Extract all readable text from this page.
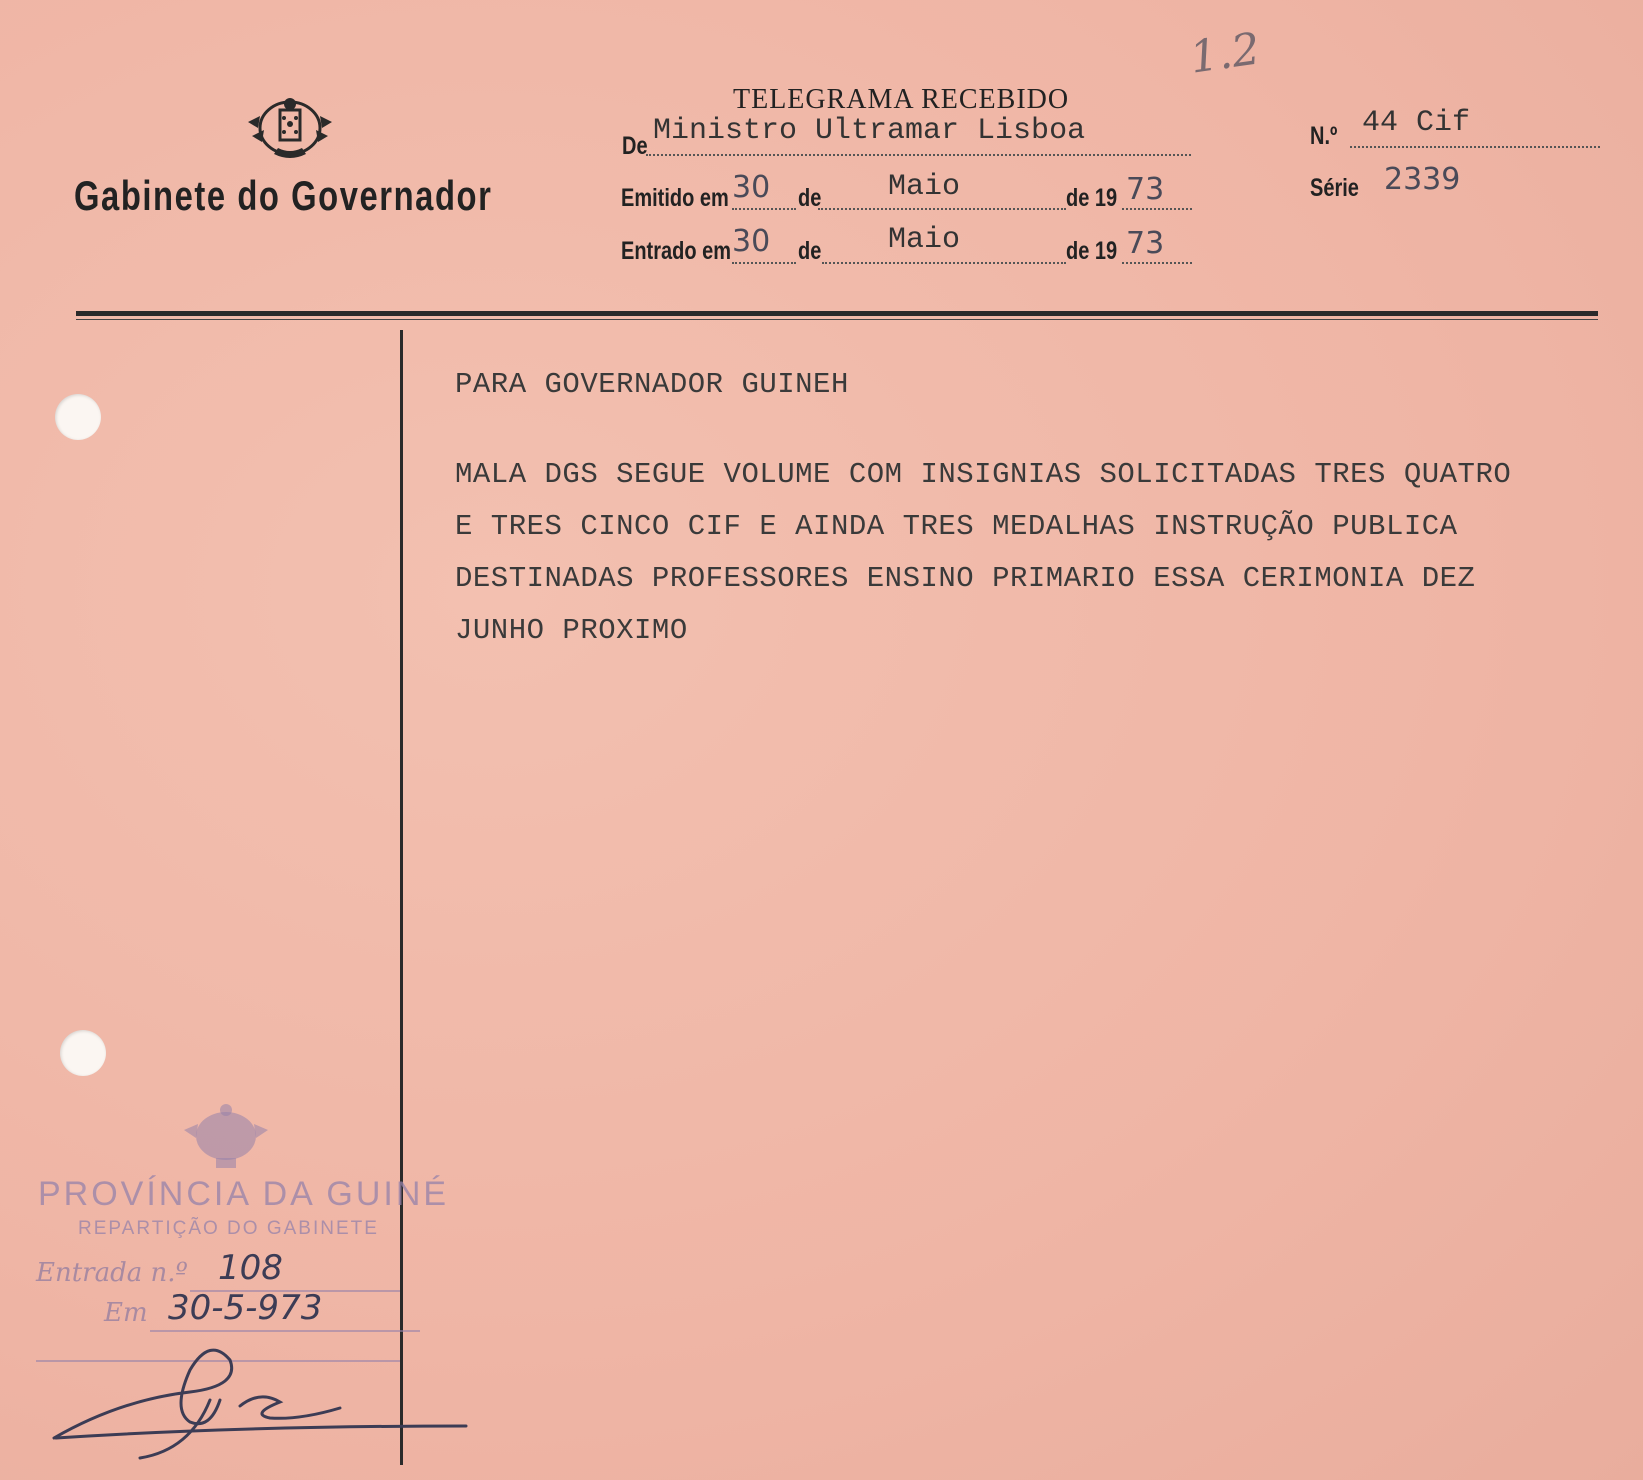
Gabinete do Governador
1.2
TELEGRAMA RECEBIDO
De Ministro Ultramar Lisboa	N.º 44 Cif
Série 2339
Emitido em 30 de Maio	de 19 73
Entrado em 30 de Maio	de 19 73
PARA GOVERNADOR GUINEH
MALA DGS SEGUE VOLUME COM INSIGNIAS SOLICITADAS TRES QUATRO
E TRES CINCO CIF E AINDA TRES MEDALHAS INSTRUÇÃO PUBLICA
DESTINADAS PROFESSORES ENSINO PRIMARIO ESSA CERIMONIA DEZ
JUNHO PROXIMO
PROVÍNCIA DA GUINÉ
REPARTIÇÃO DO GABINETE
Entrada n.º 108
Em 30-5-973
